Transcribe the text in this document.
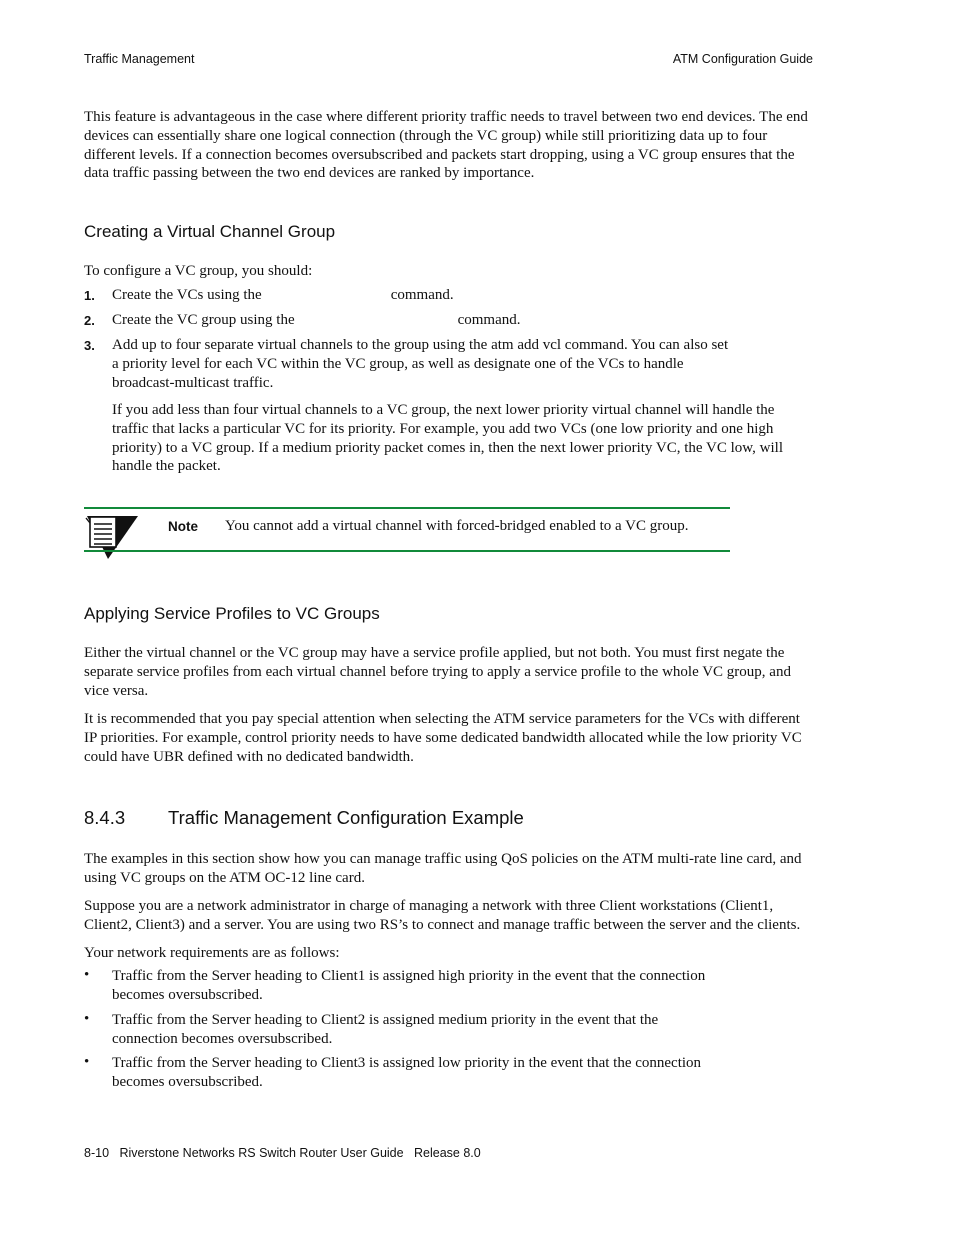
Traffic Management	ATM Configuration Guide

This feature is advantageous in the case where different priority traffic needs to travel between two end devices. The end devices can essentially share one logical connection (through the VC group) while still prioritizing data up to four different levels. If a connection becomes oversubscribed and packets start dropping, using a VC group ensures that the data traffic passing between the two end devices are ranked by importance.

Creating a Virtual Channel Group

To configure a VC group, you should:

1. Create the VCs using the	command.

2. Create the VC group using the	command.

3. Add up to four separate virtual channels to the group using the atm add vcl command. You can also set a priority level for each VC within the VC group, as well as designate one of the VCs to handle broadcast-multicast traffic.

If you add less than four virtual channels to a VC group, the next lower priority virtual channel will handle the traffic that lacks a particular VC for its priority. For example, you add two VCs (one low priority and one high priority) to a VC group. If a medium priority packet comes in, then the next lower priority VC, the VC low, will handle the packet.

Note You cannot add a virtual channel with forced-bridged enabled to a VC group.
Applying Service Profiles to VC Groups

Either the virtual channel or the VC group may have a service profile applied, but not both. You must first negate the separate service profiles from each virtual channel before trying to apply a service profile to the whole VC group, and vice versa.

It is recommended that you pay special attention when selecting the ATM service parameters for the VCs with different IP priorities. For example, control priority needs to have some dedicated bandwidth allocated while the low priority VC could have UBR defined with no dedicated bandwidth.

8.4.3 Traffic Management Configuration Example

The examples in this section show how you can manage traffic using QoS policies on the ATM multi-rate line card, and using VC groups on the ATM OC-12 line card.

Suppose you are a network administrator in charge of managing a network with three Client workstations (Client1, Client2, Client3) and a server. You are using two RS’s to connect and manage traffic between the server and the clients.

Your network requirements are as follows:

• Traffic from the Server heading to Client1 is assigned high priority in the event that the connection becomes oversubscribed.

• Traffic from the Server heading to Client2 is assigned medium priority in the event that the connection becomes oversubscribed.

• Traffic from the Server heading to Client3 is assigned low priority in the event that the connection becomes oversubscribed.

8-10 Riverstone Networks RS Switch Router User Guide Release 8.0
